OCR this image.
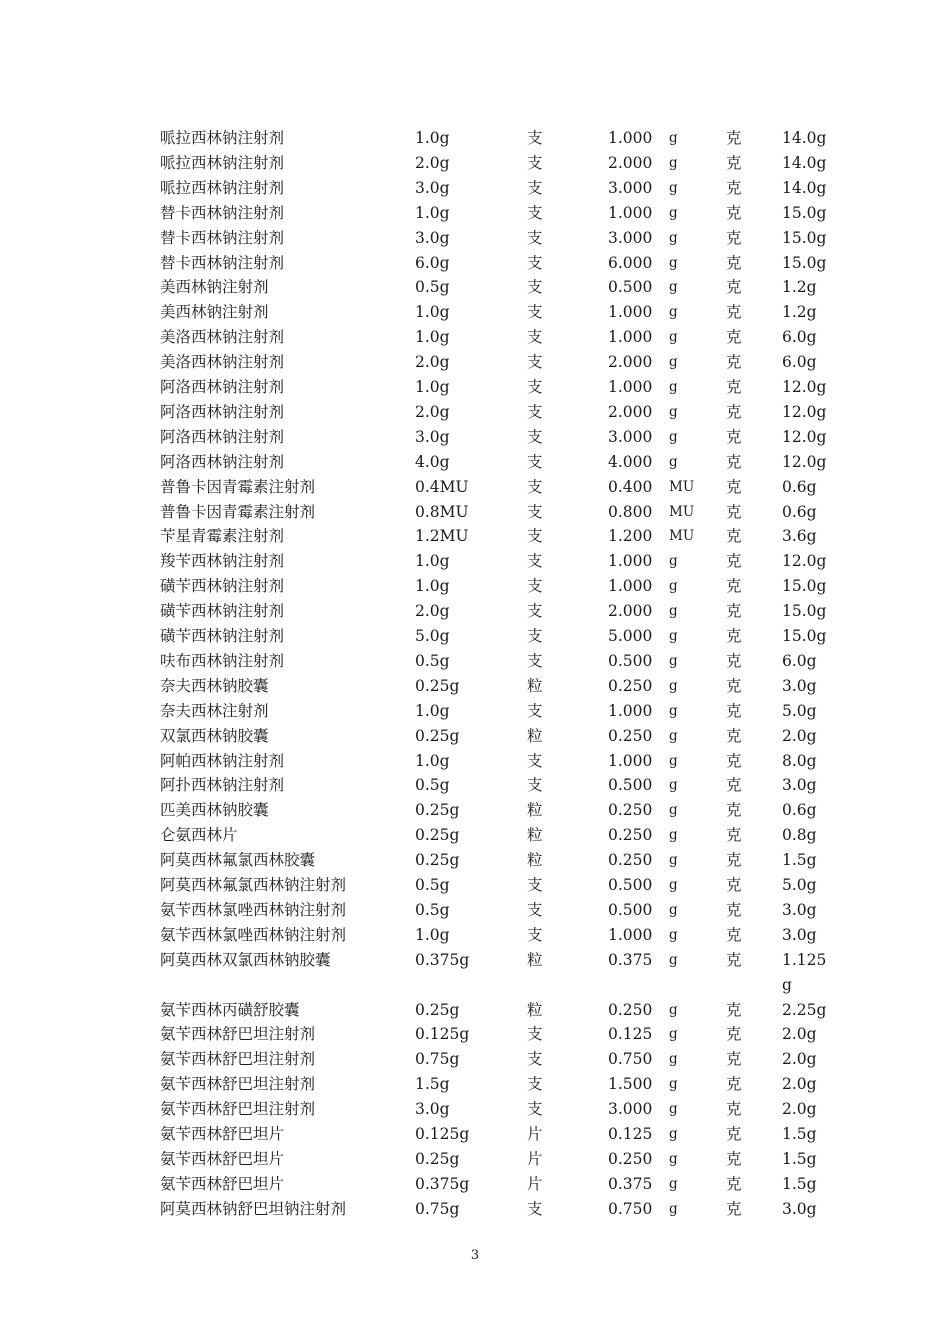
哌拉西林钠注射剂	1.0g	支	1.000 g	克	14.0g
哌拉西林钠注射剂	2.0g	支	2.000 g	克	14.0g
哌拉西林钠注射剂	3.0g	支	3.000 g	克	14.0g
替卡西林钠注射剂	1.0g	支	1.000 g	克	15.0g
替卡西林钠注射剂	3.0g	支	3.000 g	克	15.0g
替卡西林钠注射剂	6.0g	支	6.000 g	克	15.0g
美西林钠注射剂	0.5g	支	0.500 g	克	1.2g
美西林钠注射剂	1.0g	支	1.000 g	克	1.2g
美洛西林钠注射剂	1.0g	支	1.000 g	克	6.0g
美洛西林钠注射剂	2.0g	支	2.000 g	克	6.0g
阿洛西林钠注射剂	1.0g	支	1.000 g	克	12.0g
阿洛西林钠注射剂	2.0g	支	2.000 g	克	12.0g
阿洛西林钠注射剂	3.0g	支	3.000 g	克	12.0g
阿洛西林钠注射剂	4.0g	支	4.000 g	克	12.0g
普鲁卡因青霉素注射剂	0.4MU	支	0.400 MU 克	0.6g
普鲁卡因青霉素注射剂	0.8MU	支	0.800 MU 克	0.6g
苄星青霉素注射剂	1.2MU	支	1.200 MU 克	3.6g
羧苄西林钠注射剂	1.0g	支	1.000 g	克	12.0g
磺苄西林钠注射剂	1.0g	支	1.000 g	克	15.0g
磺苄西林钠注射剂	2.0g	支	2.000 g	克	15.0g
磺苄西林钠注射剂	5.0g	支	5.000 g	克	15.0g
呋布西林钠注射剂	0.5g	支	0.500 g	克	6.0g
奈夫西林钠胶囊	0.25g	粒	0.250 g	克	3.0g
奈夫西林注射剂	1.0g	支	1.000 g	克	5.0g
双氯西林钠胶囊	0.25g	粒	0.250 g	克	2.0g
阿帕西林钠注射剂	1.0g	支	1.000 g	克	8.0g
阿扑西林钠注射剂	0.5g	支	0.500 g	克	3.0g
匹美西林钠胶囊	0.25g	粒	0.250 g	克	0.6g
仑氨西林片	0.25g	粒	0.250 g	克	0.8g
阿莫西林氟氯西林胶囊	0.25g	粒	0.250 g	克	1.5g
阿莫西林氟氯西林钠注射剂	0.5g	支	0.500 g	克	5.0g
氨苄西林氯唑西林钠注射剂	0.5g	支	0.500 g	克	3.0g
氨苄西林氯唑西林钠注射剂	1.0g	支	1.000 g	克	3.0g
阿莫西林双氯西林钠胶囊	0.375g	粒	0.375 g	克	1.125g
氨苄西林丙磺舒胶囊	0.25g	粒	0.250 g	克	2.25g
氨苄西林舒巴坦注射剂	0.125g	支	0.125 g	克	2.0g
氨苄西林舒巴坦注射剂	0.75g	支	0.750 g	克	2.0g
氨苄西林舒巴坦注射剂	1.5g	支	1.500 g	克	2.0g
氨苄西林舒巴坦注射剂	3.0g	支	3.000 g	克	2.0g
氨苄西林舒巴坦片	0.125g	片	0.125 g	克	1.5g
氨苄西林舒巴坦片	0.25g	片	0.250 g	克	1.5g
氨苄西林舒巴坦片	0.375g	片	0.375 g	克	1.5g
阿莫西林钠舒巴坦钠注射剂	0.75g	支	0.750 g	克	3.0g
3
